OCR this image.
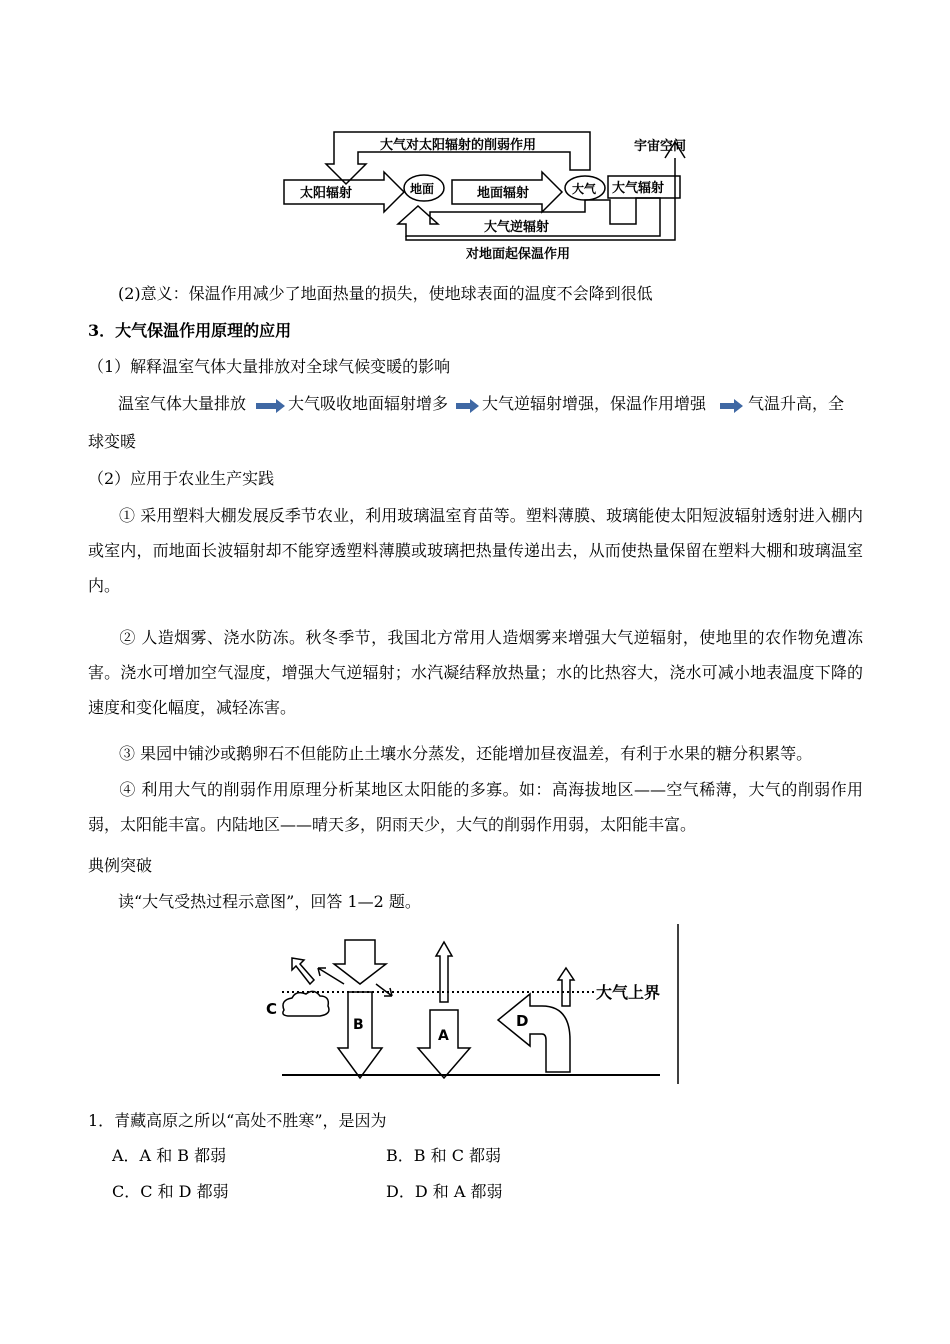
大气对太阳辐射的削弱作用	宇宙空间
太阳辐射	地面	地面辐射	大气 大气辐射
大气逆辐射
对地面起保温作用
(2)意义：保温作用减少了地面热量的损失，使地球表面的温度不会降到很低
3．大气保温作用原理的应用
（1）解释温室气体大量排放对全球气候变暖的影响
温室气体大量排放	大气吸收地面辐射增多 大气逆辐射增强，保温作用增强	气温升高，全
球变暖
（2）应用于农业生产实践
① 采用塑料大棚发展反季节农业，利用玻璃温室育苗等。塑料薄膜、玻璃能使太阳短波辐射透射进入棚内或室内，而地面长波辐射却不能穿透塑料薄膜或玻璃把热量传递出去，从而使热量保留在塑料大棚和玻璃温室内。
② 人造烟雾、浇水防冻。秋冬季节，我国北方常用人造烟雾来增强大气逆辐射，使地里的农作物免遭冻害。浇水可增加空气湿度，增强大气逆辐射；水汽凝结释放热量；水的比热容大，浇水可减小地表温度下降的速度和变化幅度，减轻冻害。
③ 果园中铺沙或鹅卵石不但能防止土壤水分蒸发，还能增加昼夜温差，有利于水果的糖分积累等。
④ 利用大气的削弱作用原理分析某地区太阳能的多寡。如：高海拔地区——空气稀薄，大气的削弱作用弱，太阳能丰富。内陆地区——晴天多，阴雨天少，大气的削弱作用弱，太阳能丰富。
典例突破
读“大气受热过程示意图”，回答 1—2 题。
大气上界
C
B
A
D
1．青藏高原之所以“高处不胜寒”，是因为
A．A 和 B 都弱	B．B 和 C 都弱
C．C 和 D 都弱	D．D 和 A 都弱
